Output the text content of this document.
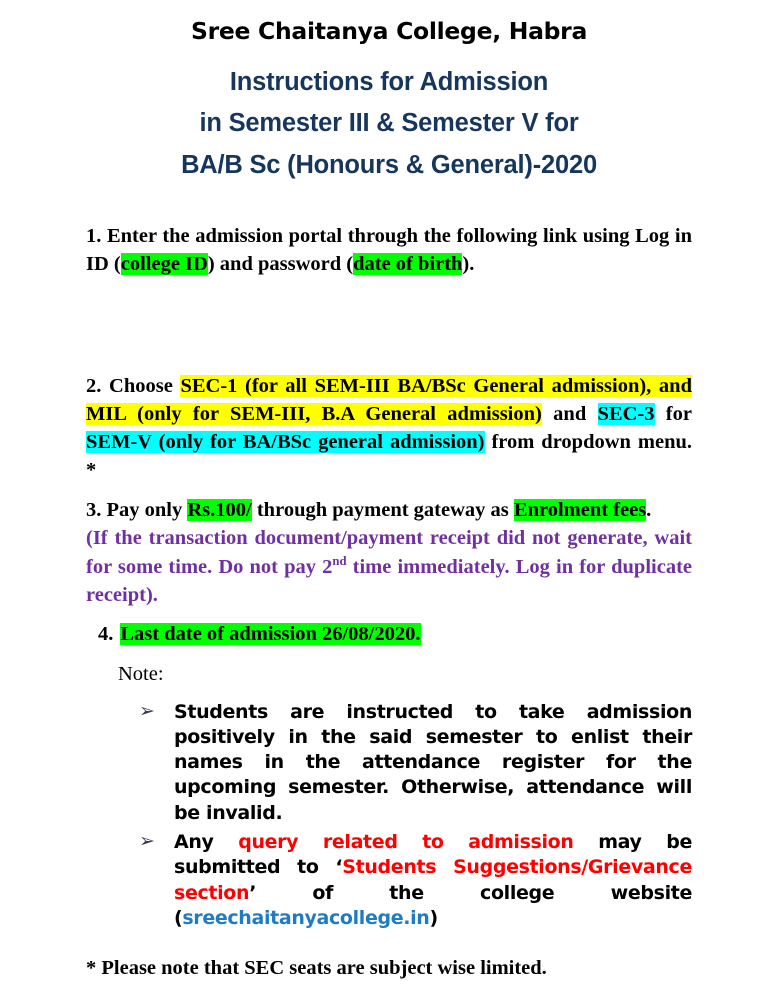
Sree Chaitanya College, Habra
Instructions for Admission
in Semester III & Semester V for
BA/B Sc (Honours & General)-2020

1. Enter the admission portal through the following link using Log in ID (college ID) and password (date of birth).

2. Choose SEC-1 (for all SEM-III BA/BSc General admission), and MIL (only for SEM-III, B.A General admission) and SEC-3 for SEM-V (only for BA/BSc general admission) from dropdown menu. *

3. Pay only Rs.100/ through payment gateway as Enrolment fees.
(If the transaction document/payment receipt did not generate, wait for some time. Do not pay 2nd time immediately. Log in for duplicate receipt).

4. Last date of admission 26/08/2020.

Note:

➢ Students are instructed to take admission positively in the said semester to enlist their names in the attendance register for the upcoming semester. Otherwise, attendance will be invalid.
➢ Any query related to admission may be submitted to ‘Students Suggestions/Grievance section’ of the college website (sreechaitanyacollege.in)

* Please note that SEC seats are subject wise limited.
